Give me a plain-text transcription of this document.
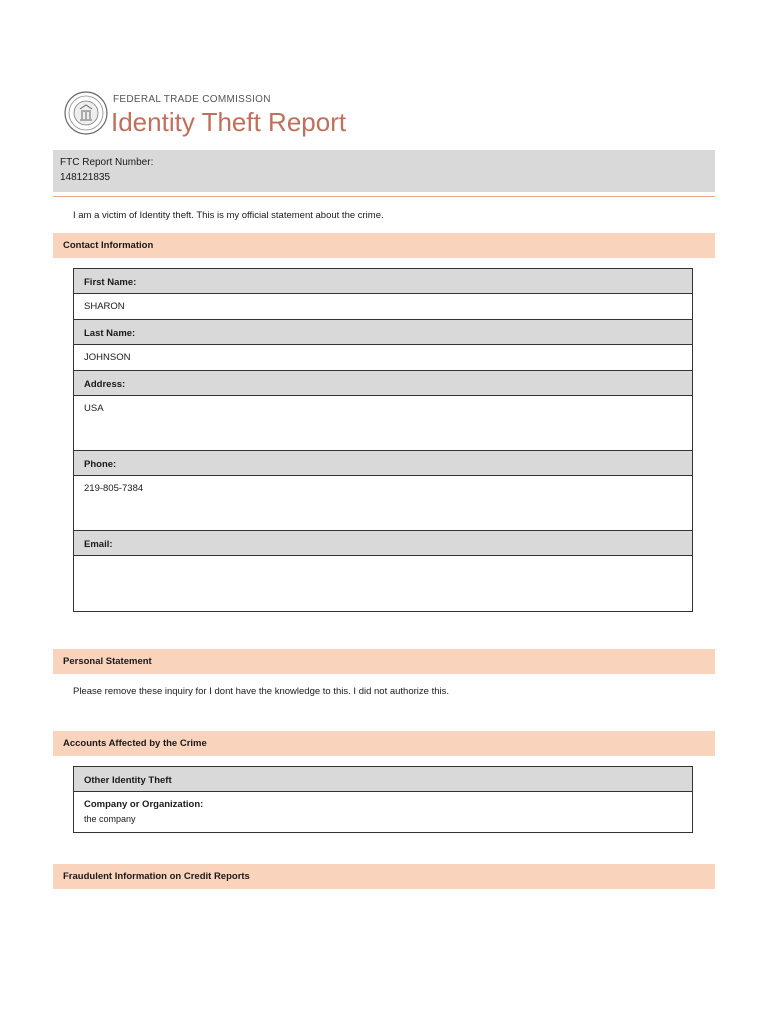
FEDERAL TRADE COMMISSION
Identity Theft Report
FTC Report Number:
148121835
I am a victim of Identity theft. This is my official statement about the crime.
Contact Information
First Name:
SHARON
Last Name:
JOHNSON
Address:
USA
Phone:
219-805-7384
Email:
Personal Statement
Please remove these inquiry for I dont have the knowledge to this. I did not authorize this.
Accounts Affected by the Crime
Other Identity Theft
Company or Organization:
the company
Fraudulent Information on Credit Reports
